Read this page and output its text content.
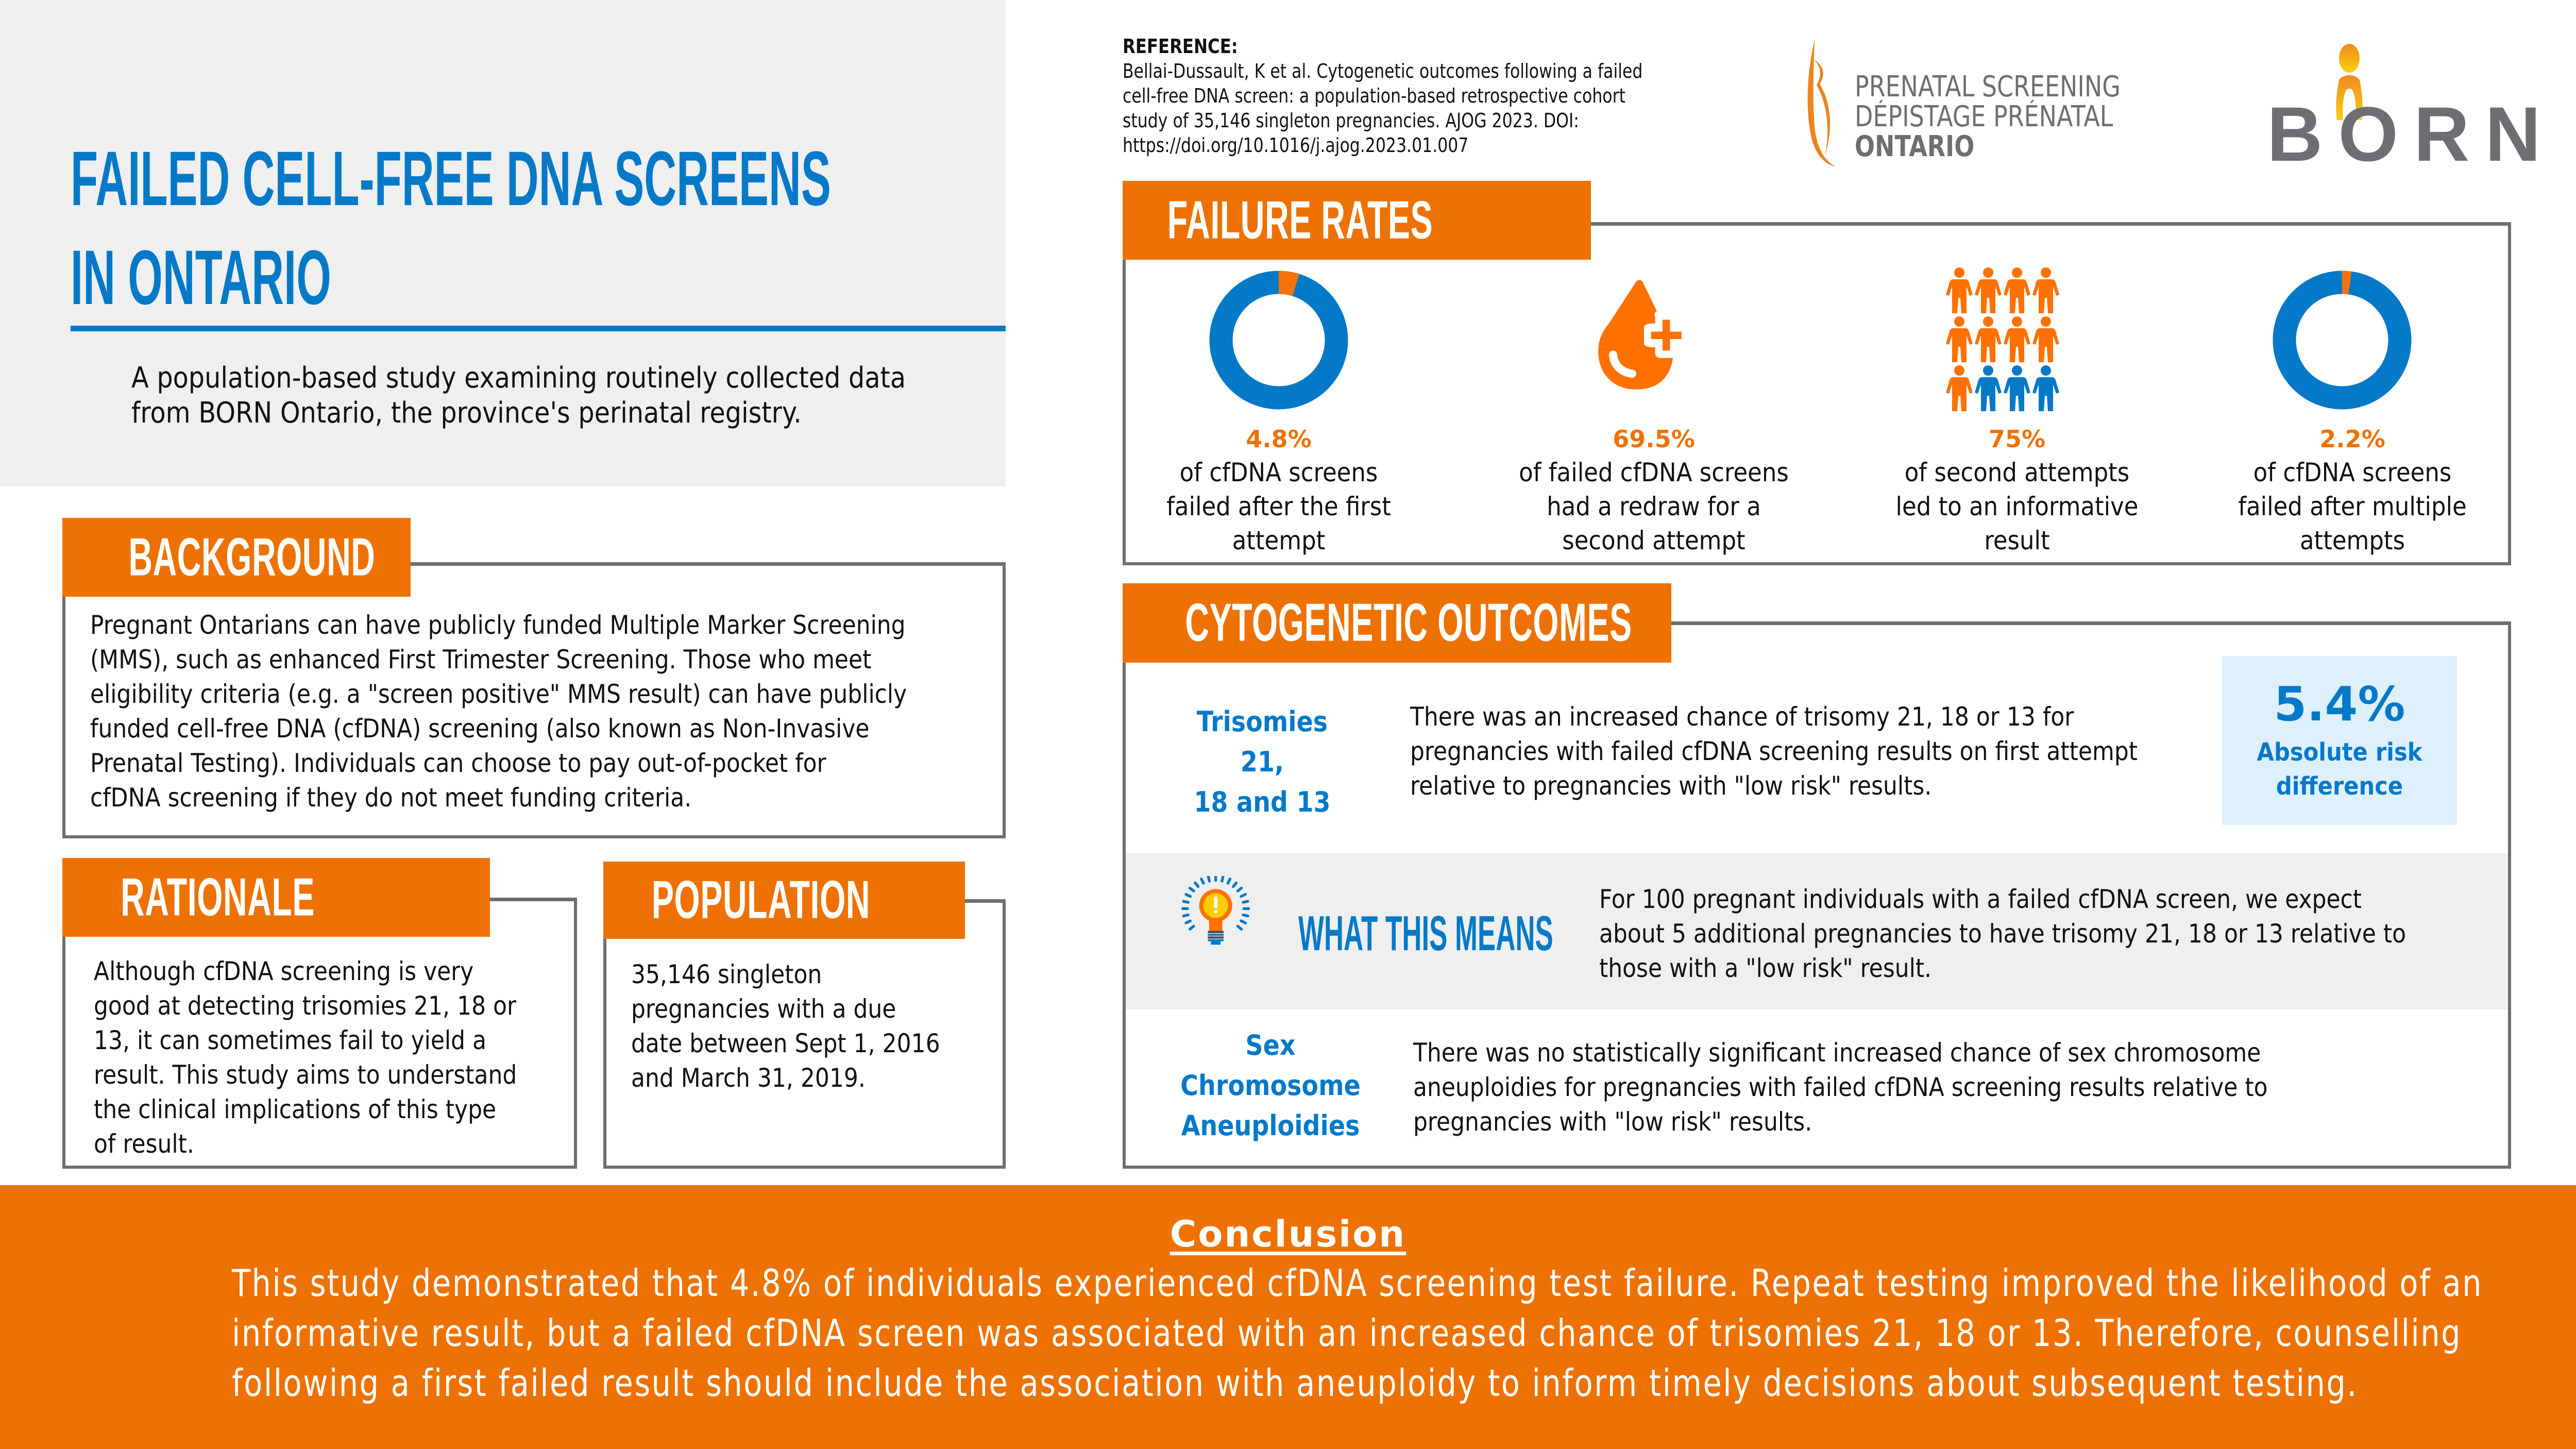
FAILED CELL-FREE DNA SCREENS
IN ONTARIO
A population-based study examining routinely collected data
from BORN Ontario, the province's perinatal registry.
REFERENCE:
Bellai-Dussault, K et al. Cytogenetic outcomes following a failed
cell-free DNA screen: a population-based retrospective cohort
study of 35,146 singleton pregnancies. AJOG 2023. DOI:
https://doi.org/10.1016/j.ajog.2023.01.007
PRENATAL SCREENING
DÉPISTAGE PRÉNATAL
ONTARIO	BORN
BACKGROUND
Pregnant Ontarians can have publicly funded Multiple Marker Screening
(MMS), such as enhanced First Trimester Screening. Those who meet
eligibility criteria (e.g. a "screen positive" MMS result) can have publicly
funded cell-free DNA (cfDNA) screening (also known as Non-Invasive
Prenatal Testing). Individuals can choose to pay out-of-pocket for
cfDNA screening if they do not meet funding criteria.
RATIONALE
Although cfDNA screening is very
good at detecting trisomies 21, 18 or
13, it can sometimes fail to yield a
result. This study aims to understand
the clinical implications of this type
of result.
POPULATION
35,146 singleton
pregnancies with a due
date between Sept 1, 2016
and March 31, 2019.
FAILURE RATES
4.8%
of cfDNA screens
failed after the first
attempt
69.5%
of failed cfDNA screens
had a redraw for a
second attempt
75%
of second attempts
led to an informative
result
2.2%
of cfDNA screens
failed after multiple
attempts
CYTOGENETIC OUTCOMES
Trisomies 21,
18 and 13
There was an increased chance of trisomy 21, 18 or 13 for
pregnancies with failed cfDNA screening results on first attempt
relative to pregnancies with "low risk" results.
5.4%
Absolute risk
difference
WHAT THIS MEANS
For 100 pregnant individuals with a failed cfDNA screen, we expect
about 5 additional pregnancies to have trisomy 21, 18 or 13 relative to
those with a "low risk" result.
Sex
Chromosome
Aneuploidies
There was no statistically significant increased chance of sex chromosome
aneuploidies for pregnancies with failed cfDNA screening results relative to
pregnancies with "low risk" results.
Conclusion
This study demonstrated that 4.8% of individuals experienced cfDNA screening test failure. Repeat testing improved the likelihood of an
informative result, but a failed cfDNA screen was associated with an increased chance of trisomies 21, 18 or 13. Therefore, counselling
following a first failed result should include the association with aneuploidy to inform timely decisions about subsequent testing.
